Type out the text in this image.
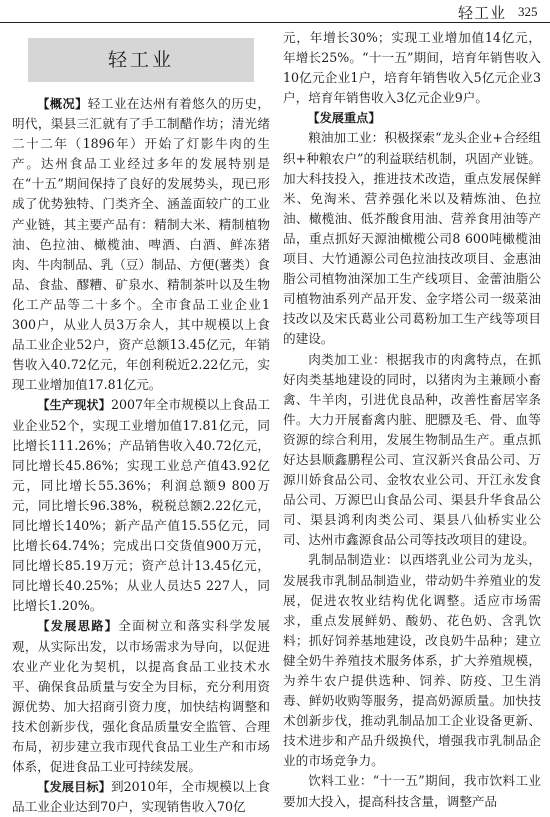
轻工业 325
轻工业

【概况】轻工业在达州有着悠久的历史，明代，渠县三汇就有了手工制醋作坊；清光绪二十二年（1896年）开始了灯影牛肉的生产。达州食品工业经过多年的发展特别是在“十五”期间保持了良好的发展势头，现已形成了优势独特、门类齐全、涵盖面较广的工业产业链，其主要产品有：精制大米、精制植物油、色拉油、橄榄油、啤酒、白酒、鲜冻猪肉、牛肉制品、乳（豆）制品、方便(薯类）食品、食盐、醪糟、矿泉水、精制茶叶以及生物化工产品等二十多个。全市食品工业企业1 300户，从业人员3万余人，其中规模以上食品工业企业52户，资产总额13.45亿元，年销售收入40.72亿元，年创利税近2.22亿元，实现工业增加值17.81亿元。

【生产现状】2007年全市规模以上食品工业企业52个，实现工业增加值17.81亿元，同比增长111.26%；产品销售收入40.72亿元，同比增长45.86%；实现工业总产值43.92亿元，同比增长55.36%；利润总额9 800万元，同比增长96.38%，税税总额2.22亿元，同比增长140%；新产品产值15.55亿元，同比增长64.74%；完成出口交货值900万元，同比增长85.19万元；资产总计13.45亿元，同比增长40.25%；从业人员达5 227人，同比增长1.20%。

【发展思路】全面树立和落实科学发展观，从实际出发，以市场需求为导向，以促进农业产业化为契机，以提高食品工业技术水平、确保食品质量与安全为目标，充分利用资源优势、加大招商引资力度，加快结构调整和技术创新步伐，强化食品质量安全监管、合理布局，初步建立我市现代食品工业生产和市场体系，促进食品工业可持续发展。

【发展目标】到2010年，全市规模以上食品工业企业达到70户，实现销售收入70亿

元，年增长30%；实现工业增加值14亿元，年增长25%。“十一五”期间，培育年销售收入10亿元企业1户，培育年销售收入5亿元企业3户，培育年销售收入3亿元企业9户。

【发展重点】

粮油加工业：积极探索“龙头企业+合经组织+种粮农户”的利益联结机制，巩固产业链。加大科技投入，推进技术改造，重点发展保鲜米、免淘米、营养强化米以及精炼油、色拉油、橄榄油、低芥酸食用油、营养食用油等产品，重点抓好天源油橄榄公司8 600吨橄榄油项目、大竹通源公司色拉油技改项目、金惠油脂公司植物油深加工生产线项目、金蕾油脂公司植物油系列产品开发、金字塔公司一级菜油技改以及宋氏葛业公司葛粉加工生产线等项目的建设。

肉类加工业：根据我市的肉禽特点，在抓好肉类基地建设的同时，以猪肉为主兼顾小畜禽、牛羊肉，引进优良品种，改善性畜居宰条件。大力开展畜禽内脏、肥膘及毛、骨、血等资源的综合利用，发展生物制品生产。重点抓好达县顺鑫鹏程公司、宣汉新兴食品公司、万源川娇食品公司、金牧农业公司、开江永发食品公司、万源巴山食品公司、渠县升华食品公司、渠县鸿利肉类公司、渠县八仙桥实业公司、达州市鑫源食品公司等技改项目的建设。

乳制品制造业：以西塔乳业公司为龙头，发展我市乳制品制造业，带动奶牛养殖业的发展，促进农牧业结构优化调整。适应市场需求，重点发展鲜奶、酸奶、花色奶、含乳饮料；抓好饲养基地建设，改良奶牛品种；建立健全奶牛养殖技术服务体系，扩大养殖规模，为养牛农户提供选种、饲养、防疫、卫生消毒、鲜奶收购等服务，提高奶源质量。加快技术创新步伐，推动乳制品加工企业设备更新、技术进步和产品升级换代，增强我市乳制品企业的市场竞争力。

饮料工业：“十一五”期间，我市饮料工业要加大投入，提高科技含量，调整产品
